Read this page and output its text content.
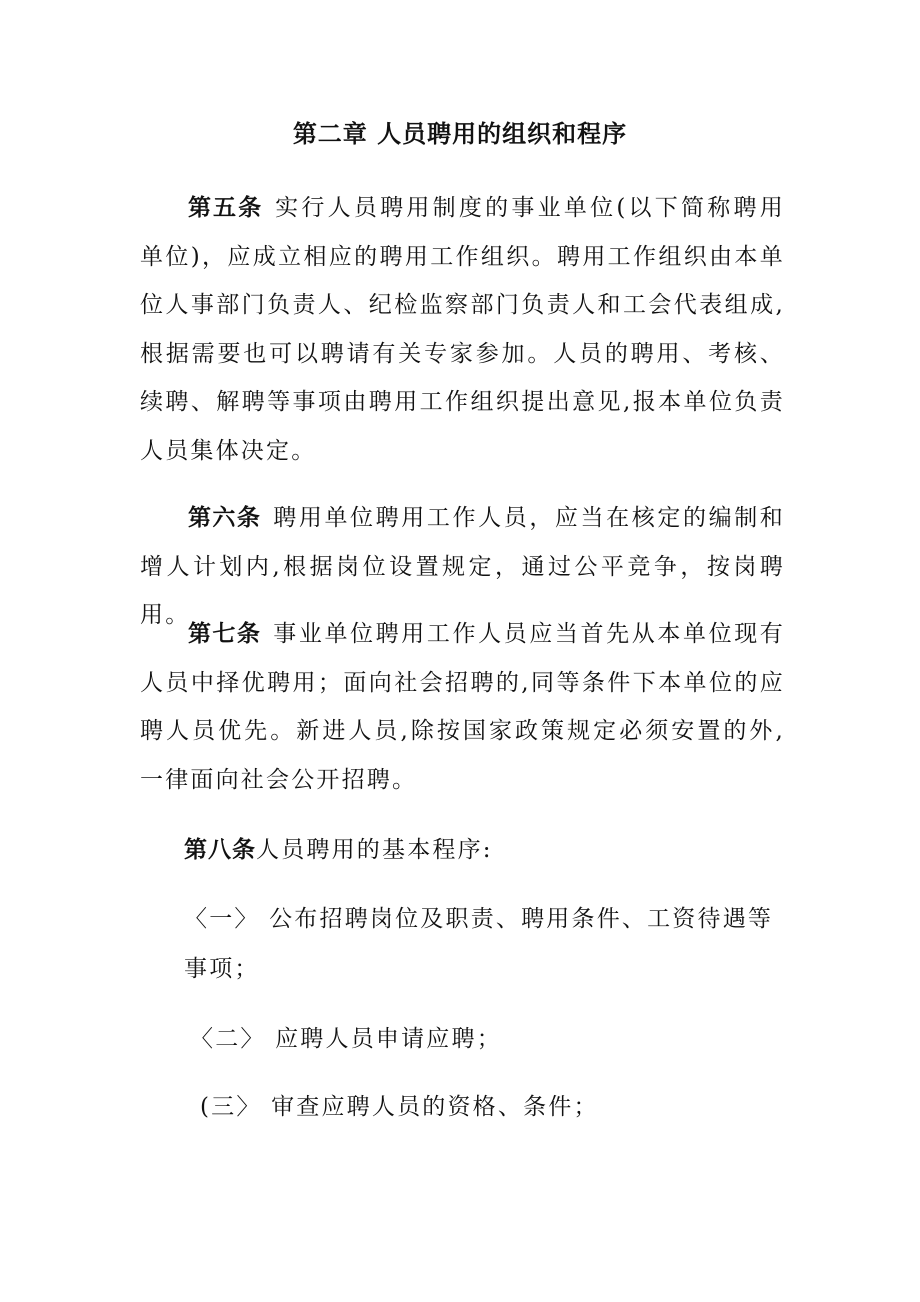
第二章 人员聘用的组织和程序

第五条 实行人员聘用制度的事业单位(以下简称聘用单位)，应成立相应的聘用工作组织。聘用工作组织由本单位人事部门负责人、纪检监察部门负责人和工会代表组成,根据需要也可以聘请有关专家参加。人员的聘用、考核、续聘、解聘等事项由聘用工作组织提出意见,报本单位负责人员集体决定。

第六条 聘用单位聘用工作人员，应当在核定的编制和增人计划内,根据岗位设置规定，通过公平竞争，按岗聘用。

第七条 事业单位聘用工作人员应当首先从本单位现有人员中择优聘用；面向社会招聘的,同等条件下本单位的应聘人员优先。新进人员,除按国家政策规定必须安置的外,一律面向社会公开招聘。

第八条人员聘用的基本程序:

〈一〉 公布招聘岗位及职责、聘用条件、工资待遇等事项；

〈二〉 应聘人员申请应聘；

(三〉 审查应聘人员的资格、条件；
